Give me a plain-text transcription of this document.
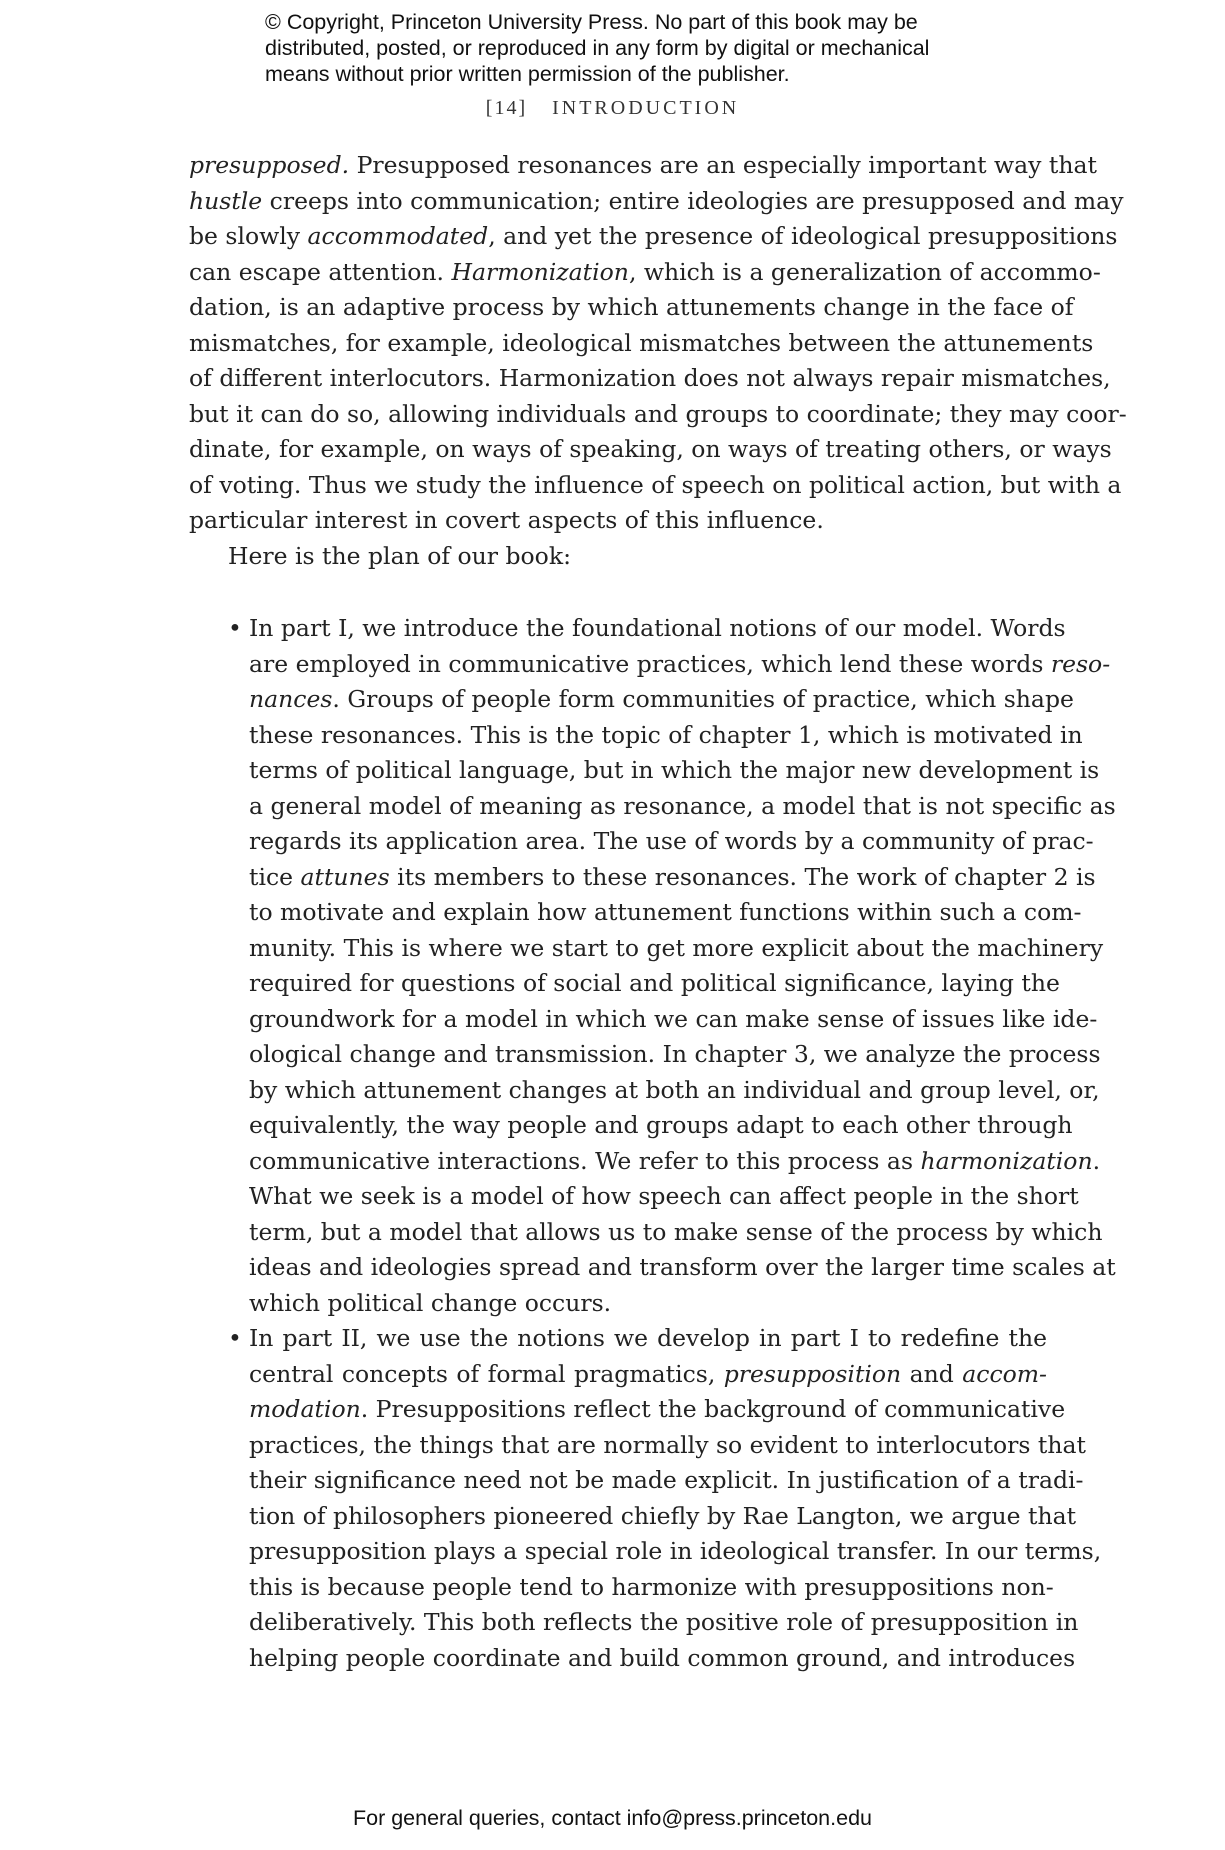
© Copyright, Princeton University Press. No part of this book may be
distributed, posted, or reproduced in any form by digital or mechanical
means without prior written permission of the publisher.
[14] INTRODUCTION
presupposed. Presupposed resonances are an especially important way that
hustle creeps into communication; entire ideologies are presupposed and may
be slowly accommodated, and yet the presence of ideological presuppositions
can escape attention. Harmonization, which is a generalization of accommo-
dation, is an adaptive process by which attunements change in the face of
mismatches, for example, ideological mismatches between the attunements
of different interlocutors. Harmonization does not always repair mismatches,
but it can do so, allowing individuals and groups to coordinate; they may coor-
dinate, for example, on ways of speaking, on ways of treating others, or ways
of voting. Thus we study the influence of speech on political action, but with a
particular interest in covert aspects of this influence.
Here is the plan of our book:
• In part I, we introduce the foundational notions of our model. Words
are employed in communicative practices, which lend these words reso-
nances. Groups of people form communities of practice, which shape
these resonances. This is the topic of chapter 1, which is motivated in
terms of political language, but in which the major new development is
a general model of meaning as resonance, a model that is not specific as
regards its application area. The use of words by a community of prac-
tice attunes its members to these resonances. The work of chapter 2 is
to motivate and explain how attunement functions within such a com-
munity. This is where we start to get more explicit about the machinery
required for questions of social and political significance, laying the
groundwork for a model in which we can make sense of issues like ide-
ological change and transmission. In chapter 3, we analyze the process
by which attunement changes at both an individual and group level, or,
equivalently, the way people and groups adapt to each other through
communicative interactions. We refer to this process as harmonization.
What we seek is a model of how speech can affect people in the short
term, but a model that allows us to make sense of the process by which
ideas and ideologies spread and transform over the larger time scales at
which political change occurs.
• In part II, we use the notions we develop in part I to redefine the
central concepts of formal pragmatics, presupposition and accom-
modation. Presuppositions reflect the background of communicative
practices, the things that are normally so evident to interlocutors that
their significance need not be made explicit. In justification of a tradi-
tion of philosophers pioneered chiefly by Rae Langton, we argue that
presupposition plays a special role in ideological transfer. In our terms,
this is because people tend to harmonize with presuppositions non-
deliberatively. This both reflects the positive role of presupposition in
helping people coordinate and build common ground, and introduces
For general queries, contact info@press.princeton.edu
